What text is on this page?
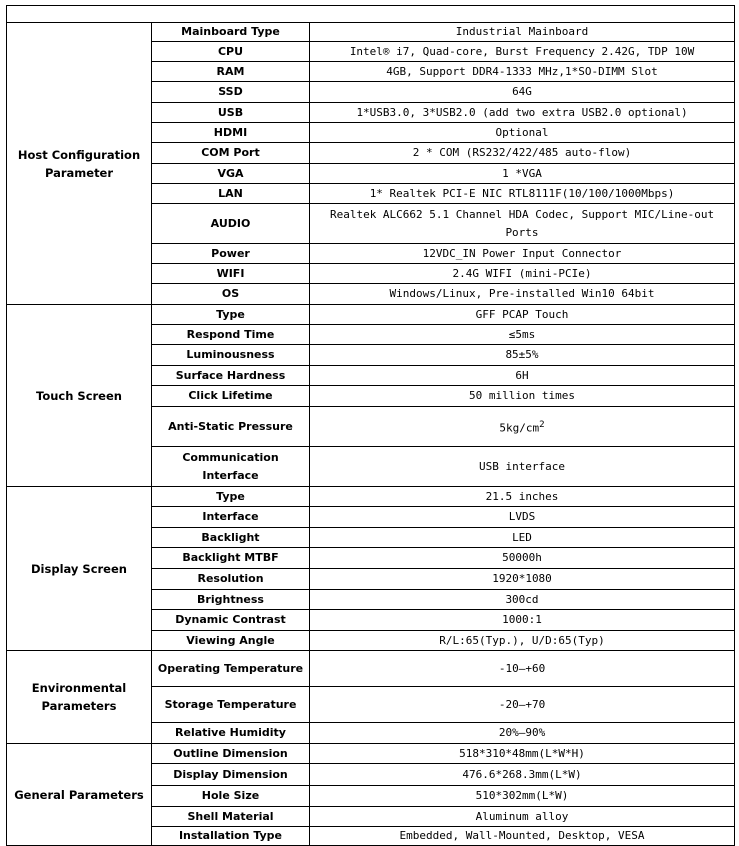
Host Configuration Parameter	Mainboard Type	Industrial Mainboard
	CPU	Intel® i7, Quad-core, Burst Frequency 2.42G, TDP 10W
	RAM	4GB, Support DDR4-1333 MHz,1*SO-DIMM Slot
	SSD	64G
	USB	1*USB3.0, 3*USB2.0 (add two extra USB2.0 optional)
	HDMI	Optional
	COM Port	2 * COM (RS232/422/485 auto-flow)
	VGA	1 *VGA
	LAN	1* Realtek PCI-E NIC RTL8111F(10/100/1000Mbps)
	AUDIO	Realtek ALC662 5.1 Channel HDA Codec, Support MIC/Line-out Ports
	Power	12VDC_IN Power Input Connector
	WIFI	2.4G WIFI (mini-PCIe)
	OS	Windows/Linux, Pre-installed Win10 64bit
Touch Screen	Type	GFF PCAP Touch
	Respond Time	≤5ms
	Luminousness	85±5%
	Surface Hardness	6H
	Click Lifetime	50 million times
	Anti-Static Pressure	$5kg/cm^2$
	Communication Interface	USB interface
Display Screen	Type	21.5 inches
	Interface	LVDS
	Backlight	LED
	Backlight MTBF	50000h
	Resolution	1920*1080
	Brightness	300cd
	Dynamic Contrast	1000:1
	Viewing Angle	R/L:65(Typ.), U/D:65(Typ)
Environmental Parameters	Operating Temperature	-10—+60
	Storage Temperature	-20—+70
	Relative Humidity	20%—90%
General Parameters	Outline Dimension	518*310*48mm(L*W*H)
	Display Dimension	476.6*268.3mm(L*W)
	Hole Size	510*302mm(L*W)
	Shell Material	Aluminum alloy
	Installation Type	Embedded, Wall-Mounted, Desktop, VESA
